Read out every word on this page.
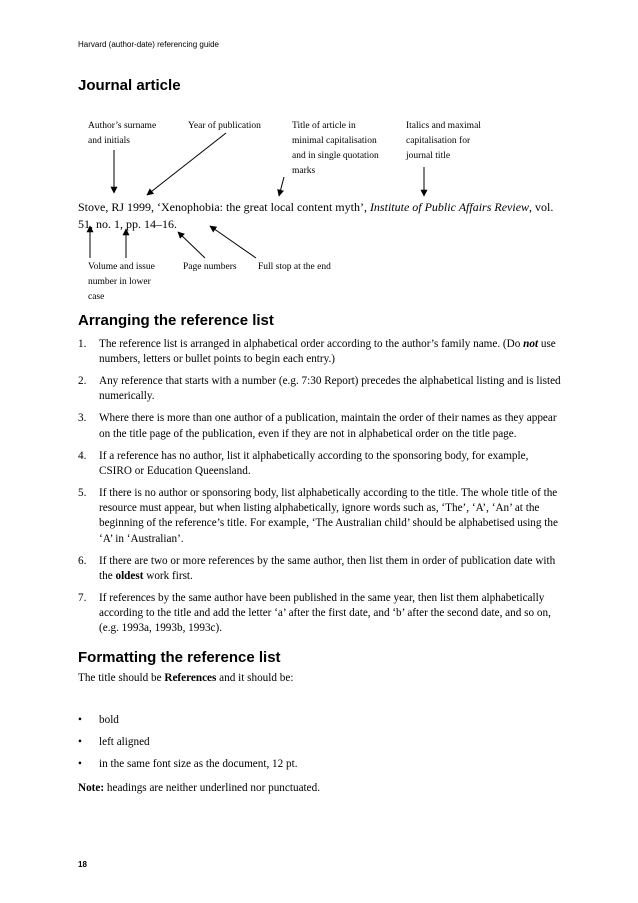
Harvard (author-date) referencing guide
Journal article
Author’s surname
and initials
Year of publication	Title of article in
minimal capitalisation
and in single quotation
marks
Italics and maximal
capitalisation for
journal title
Stove, RJ 1999, ‘Xenophobia: the great local content myth’, Institute of Public Affairs Review, vol. 51, no. 1, pp. 14–16.
Volume and issue
number in lower
case
Page numbers Full stop at the end
Arranging the reference list
1.	The reference list is arranged in alphabetical order according to the author’s family name. (Do not use numbers, letters or bullet points to begin each entry.)
2.	Any reference that starts with a number (e.g. 7:30 Report) precedes the alphabetical listing and is listed numerically.
3.	Where there is more than one author of a publication, maintain the order of their names as they appear on the title page of the publication, even if they are not in alphabetical order on the title page.
4.	If a reference has no author, list it alphabetically according to the sponsoring body, for example, CSIRO or Education Queensland.
5.	If there is no author or sponsoring body, list alphabetically according to the title. The whole title of the resource must appear, but when listing alphabetically, ignore words such as, ‘The’, ‘A’, ‘An’ at the beginning of the reference’s title. For example, ‘The Australian child’ should be alphabetised using the ‘A’ in ‘Australian’.
6.	If there are two or more references by the same author, then list them in order of publication date with the oldest work first.
7.	If references by the same author have been published in the same year, then list them alphabetically according to the title and add the letter ‘a’ after the first date, and ‘b’ after the second date, and so on, (e.g. 1993a, 1993b, 1993c).
Formatting the reference list
The title should be References and it should be:
•	bold
•	left aligned
•	in the same font size as the document, 12 pt.
Note: headings are neither underlined nor punctuated.
18
